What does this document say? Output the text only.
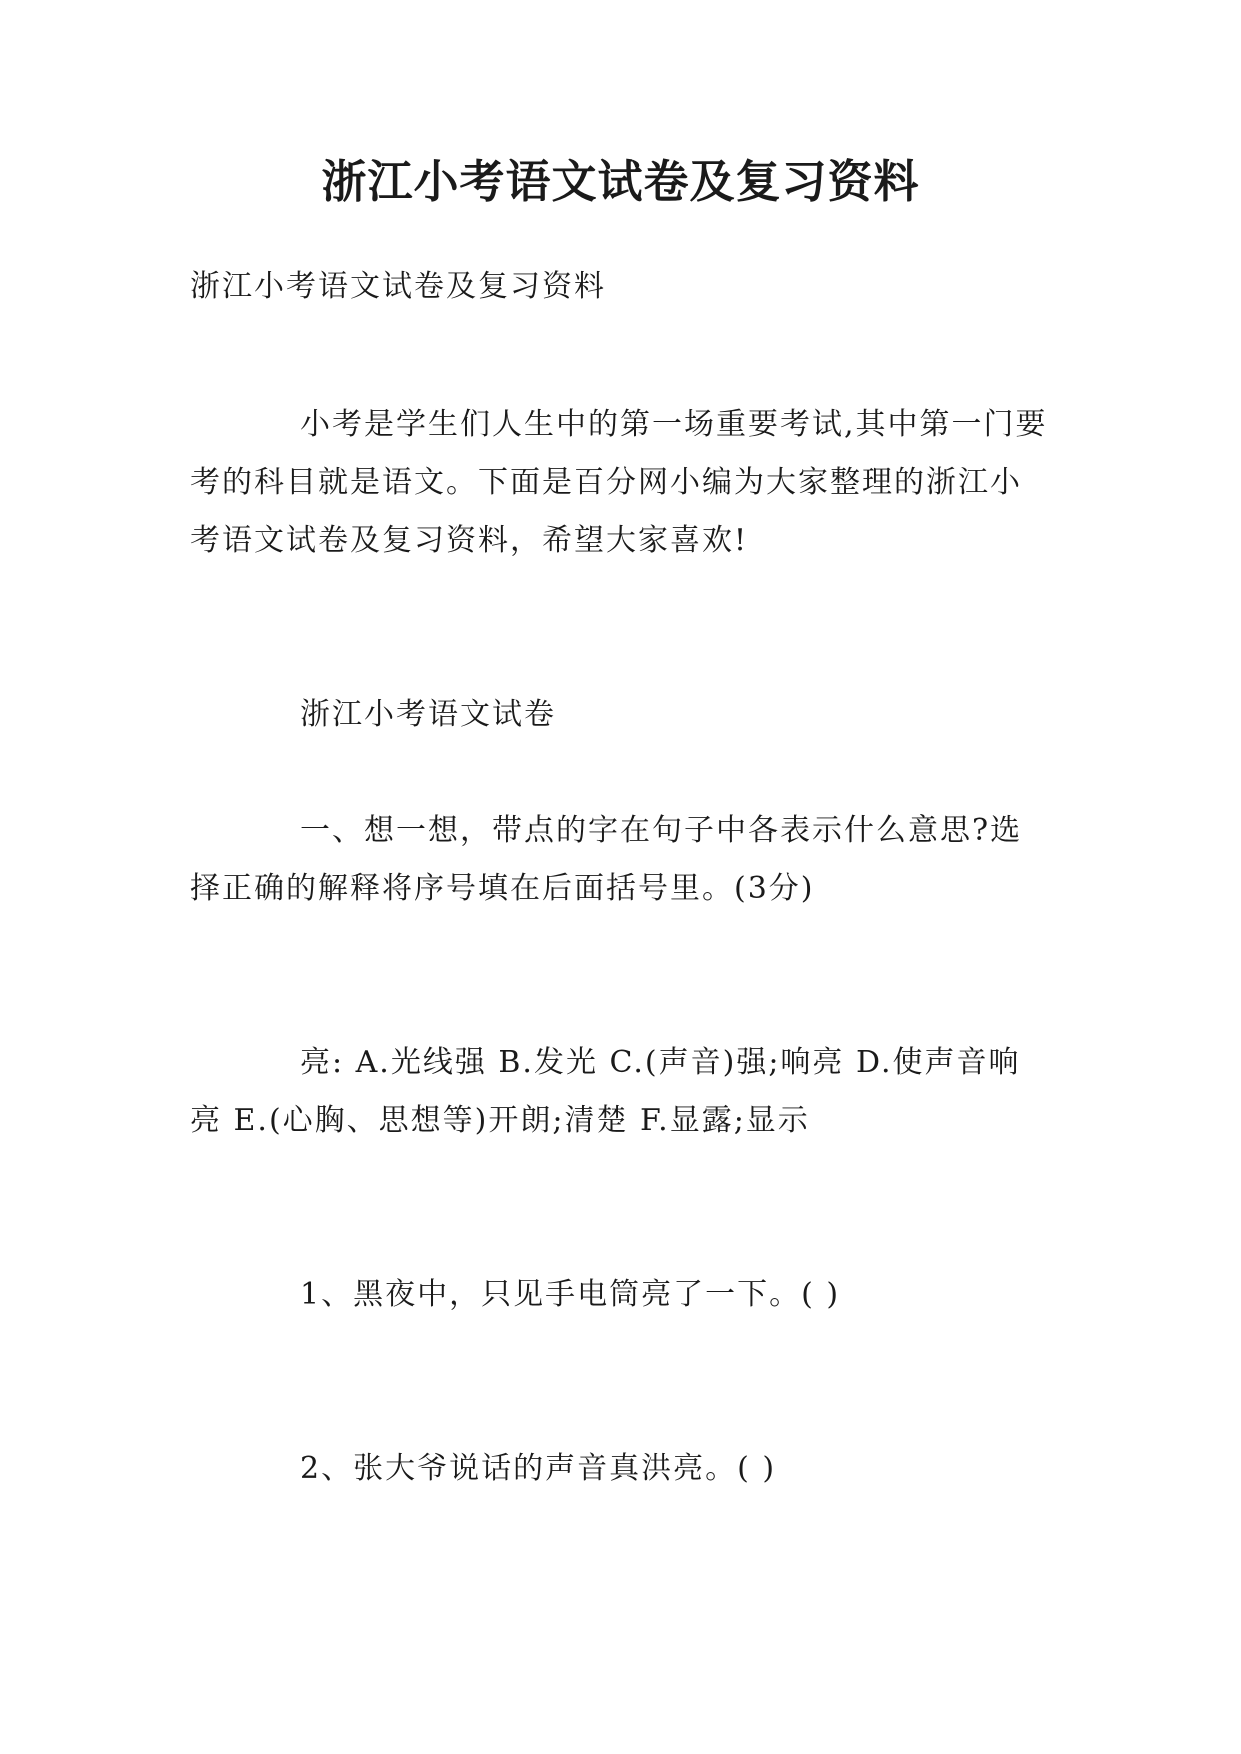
浙江小考语文试卷及复习资料

浙江小考语文试卷及复习资料

小考是学生们人生中的第一场重要考试,其中第一门要考的科目就是语文。下面是百分网小编为大家整理的浙江小考语文试卷及复习资料，希望大家喜欢!

浙江小考语文试卷

一、想一想，带点的字在句子中各表示什么意思?选择正确的解释将序号填在后面括号里。(3分)

亮: A.光线强 B.发光 C.(声音)强;响亮 D.使声音响亮 E.(心胸、思想等)开朗;清楚 F.显露;显示

1、黑夜中，只见手电筒亮了一下。( )

2、张大爷说话的声音真洪亮。( )
